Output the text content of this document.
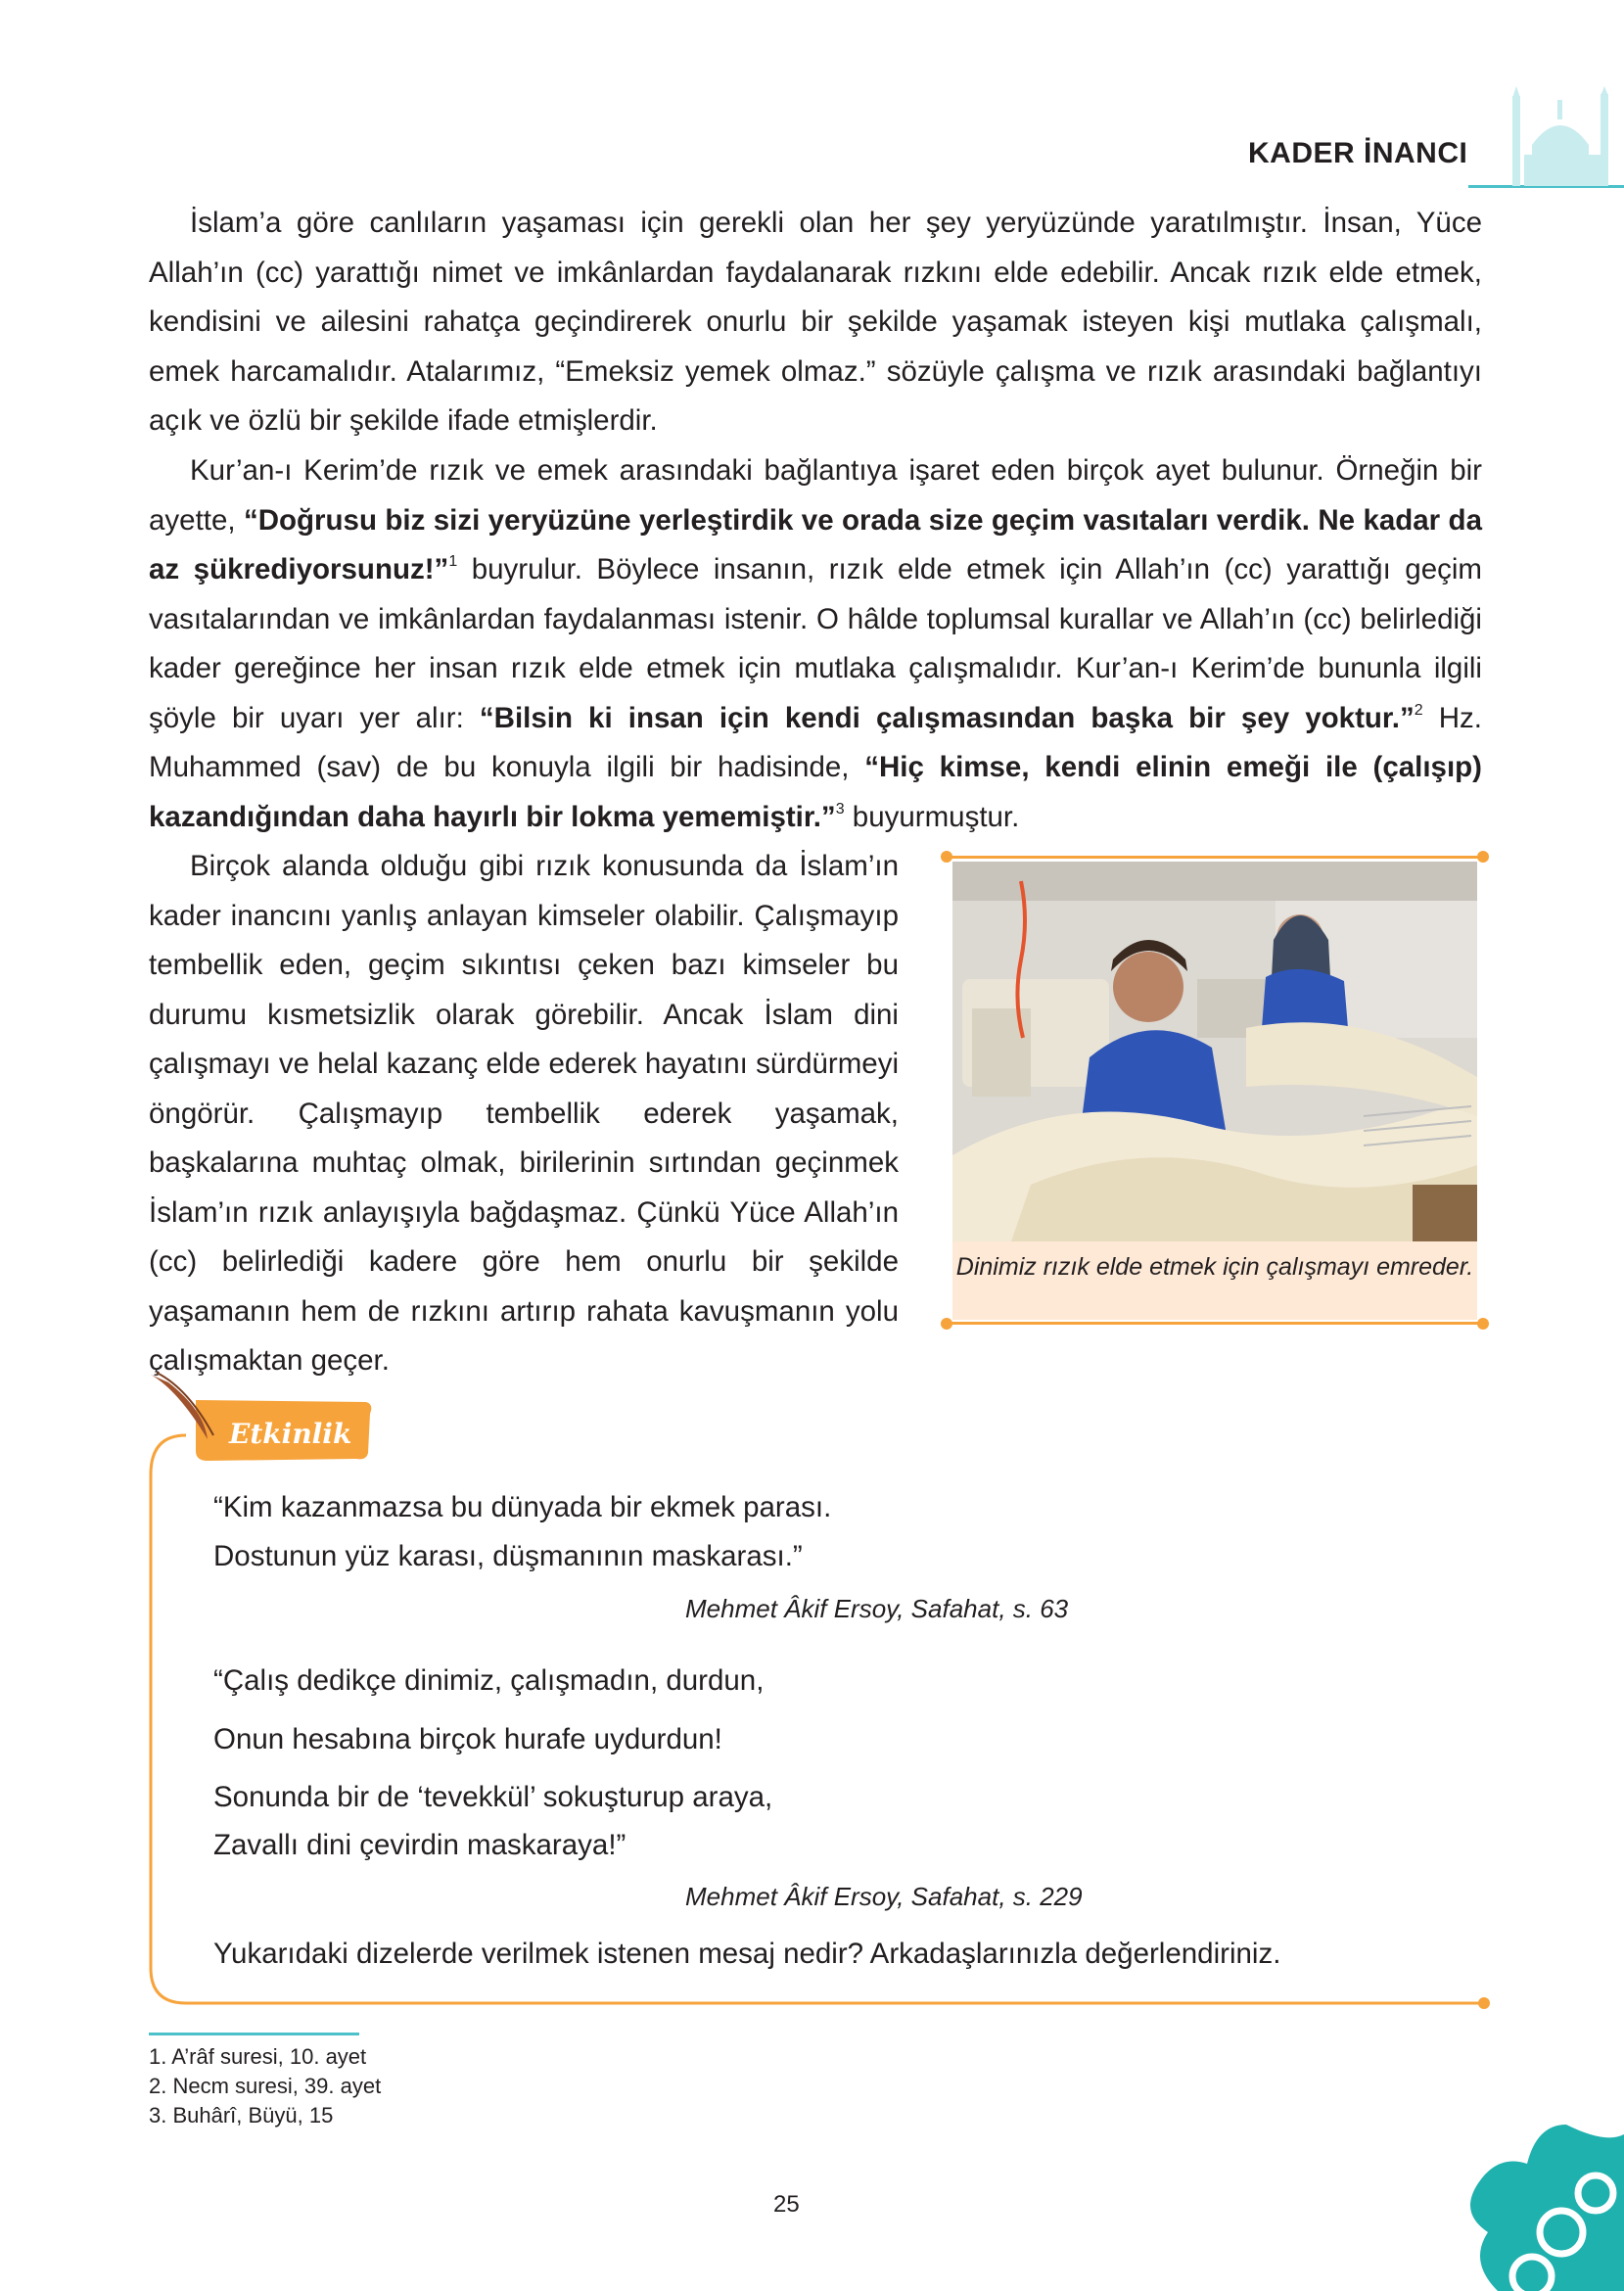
KADER İNANCI
İslam’a göre canlıların yaşaması için gerekli olan her şey yeryüzünde yaratılmıştır. İnsan, Yüce Allah’ın (cc) yarattığı nimet ve imkânlardan faydalanarak rızkını elde edebilir. Ancak rızık elde etmek, kendisini ve ailesini rahatça geçindirerek onurlu bir şekilde yaşamak isteyen kişi mutlaka çalışmalı, emek harcamalıdır. Atalarımız, “Emeksiz yemek olmaz.” sözüyle çalışma ve rızık arasındaki bağlantıyı açık ve özlü bir şekilde ifade etmişlerdir.
Kur’an-ı Kerim’de rızık ve emek arasındaki bağlantıya işaret eden birçok ayet bulunur. Örneğin bir ayette, “Doğrusu biz sizi yeryüzüne yerleştirdik ve orada size geçim vasıtaları verdik. Ne kadar da az şükrediyorsunuz!”$^1$ buyrulur. Böylece insanın, rızık elde etmek için Allah’ın (cc) yarattığı geçim vasıtalarından ve imkânlardan faydalanması istenir. O hâlde toplumsal kurallar ve Allah’ın (cc) belirlediği kader gereğince her insan rızık elde etmek için mutlaka çalışmalıdır. Kur’an-ı Kerim’de bununla ilgili şöyle bir uyarı yer alır: “Bilsin ki insan için kendi çalışmasından başka bir şey yoktur.”$^2$ Hz. Muhammed (sav) de bu konuyla ilgili bir hadisinde, “Hiç kimse, kendi elinin emeği ile (çalışıp) kazandığından daha hayırlı bir lokma yememiştir.”$^3$ buyurmuştur.
Birçok alanda olduğu gibi rızık konusunda da İslam’ın kader inancını yanlış anlayan kimseler olabilir. Çalışmayıp tembellik eden, geçim sıkıntısı çeken bazı kimseler bu durumu kısmetsizlik olarak görebilir. Ancak İslam dini çalışmayı ve helal kazanç elde ederek hayatını sürdürmeyi öngörür. Çalışmayıp tembellik ederek yaşamak, başkalarına muhtaç olmak, birilerinin sırtından geçinmek İslam’ın rızık anlayışıyla bağdaşmaz. Çünkü Yüce Allah’ın (cc) belirlediği kadere göre hem onurlu bir şekilde yaşamanın hem de rızkını artırıp rahata kavuşmanın yolu çalışmaktan geçer.
Dinimiz rızık elde etmek için çalışmayı emreder.
Etkinlik
“Kim kazanmazsa bu dünyada bir ekmek parası.
Dostunun yüz karası, düşmanının maskarası.”
Mehmet Âkif Ersoy, Safahat, s. 63
“Çalış dedikçe dinimiz, çalışmadın, durdun,
Onun hesabına birçok hurafe uydurdun!
Sonunda bir de ‘tevekkül’ sokuşturup araya,
Zavallı dini çevirdin maskaraya!”
Mehmet Âkif Ersoy, Safahat, s. 229
Yukarıdaki dizelerde verilmek istenen mesaj nedir? Arkadaşlarınızla değerlendiriniz.
1. A’râf suresi, 10. ayet
2. Necm suresi, 39. ayet
3. Buhârî, Büyü, 15
25
